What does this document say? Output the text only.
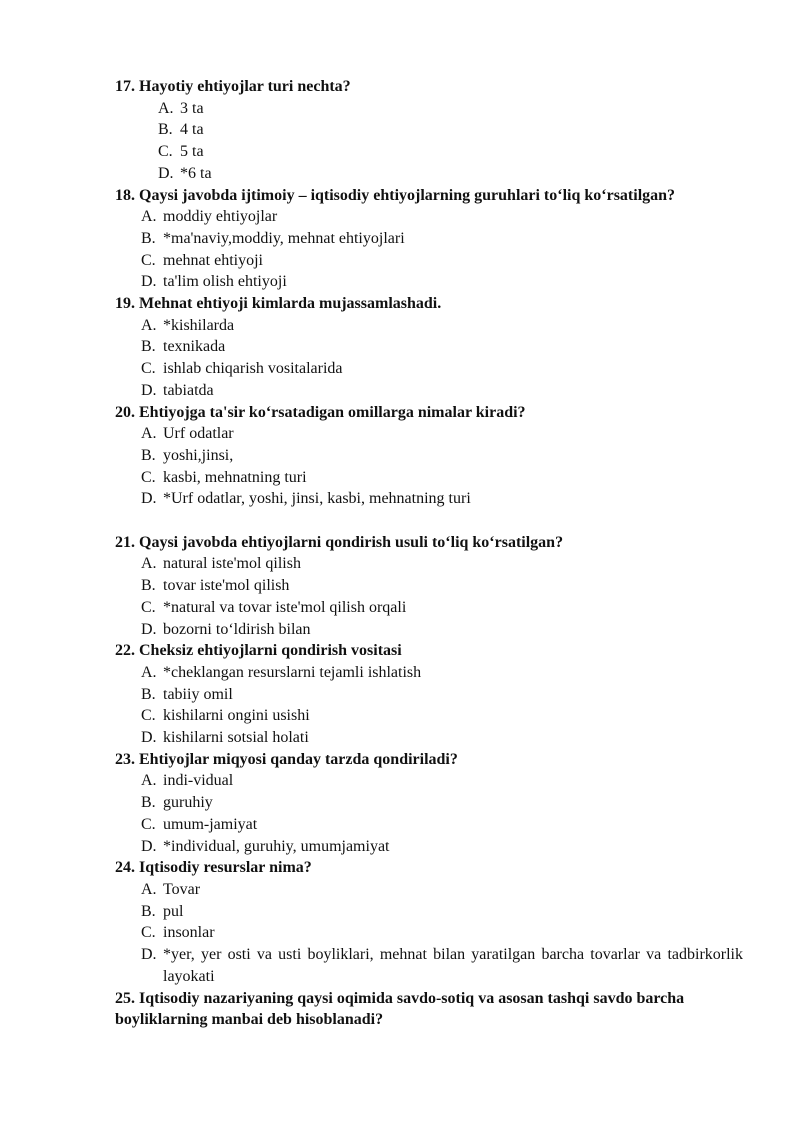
17. Hayotiy ehtiyojlar turi nechta?

A. 3 ta
B. 4 ta
C. 5 ta
D. *6 ta

18. Qaysi javobda ijtimoiy – iqtisodiy ehtiyojlarning guruhlari to‘liq ko‘rsatilgan?

A. moddiy ehtiyojlar
B. *ma'naviy,moddiy, mehnat ehtiyojlari
C. mehnat ehtiyoji
D. ta'lim olish ehtiyoji

19. Mehnat ehtiyoji kimlarda mujassamlashadi.

A. *kishilarda
B. texnikada
C. ishlab chiqarish vositalarida
D. tabiatda

20. Ehtiyojga ta'sir ko‘rsatadigan omillarga nimalar kiradi?

A. Urf odatlar
B. yoshi,jinsi,
C. kasbi, mehnatning turi
D. *Urf odatlar, yoshi, jinsi, kasbi, mehnatning turi

21. Qaysi javobda ehtiyojlarni qondirish usuli to‘liq ko‘rsatilgan?

A. natural iste'mol qilish
B. tovar iste'mol qilish
C. *natural va tovar iste'mol qilish orqali
D. bozorni to‘ldirish bilan

22. Cheksiz ehtiyojlarni qondirish vositasi

A. *cheklangan resurslarni tejamli ishlatish
B. tabiiy omil
C. kishilarni ongini usishi
D. kishilarni sotsial holati

23. Ehtiyojlar miqyosi qanday tarzda qondiriladi?

A. indi-vidual
B. guruhiy
C. umum-jamiyat
D. *individual, guruhiy, umumjamiyat

24. Iqtisodiy resurslar nima?

A. Tovar
B. pul
C. insonlar
D. *yer, yer osti va usti boyliklari, mehnat bilan yaratilgan barcha tovarlar va tadbirkorlik layokati

25. Iqtisodiy nazariyaning qaysi oqimida savdo-sotiq va asosan tashqi savdo barcha boyliklarning manbai deb hisoblanadi?
